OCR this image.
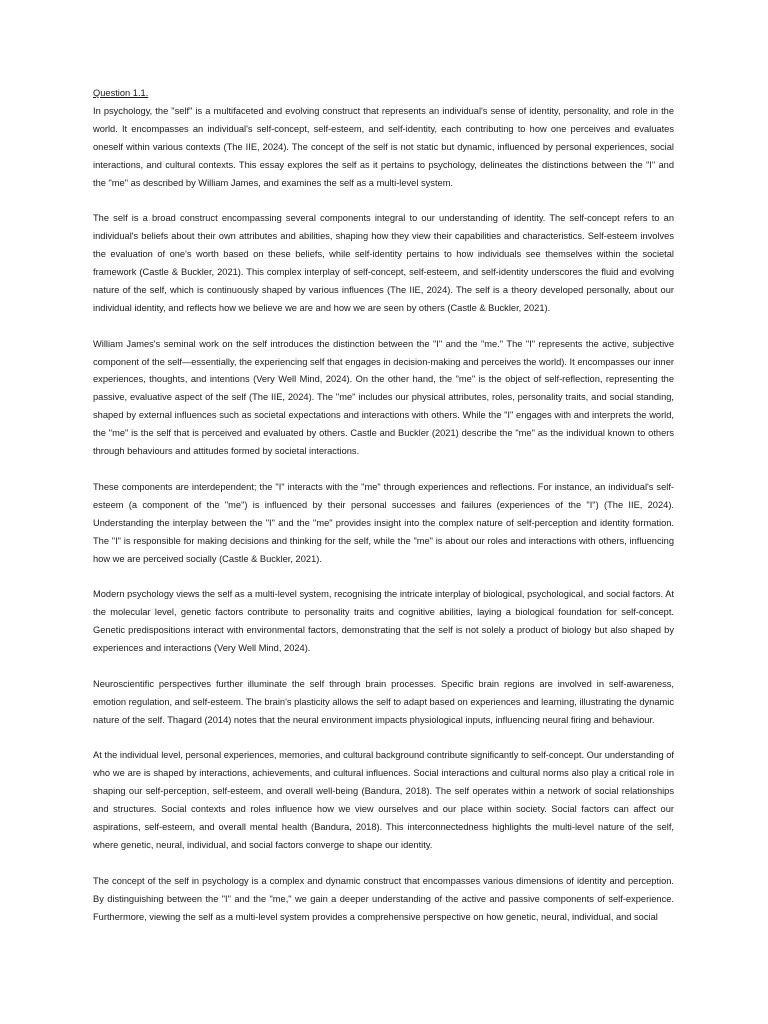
Question 1.1.

In psychology, the "self" is a multifaceted and evolving construct that represents an individual's sense of identity, personality, and role in the world. It encompasses an individual's self-concept, self-esteem, and self-identity, each contributing to how one perceives and evaluates oneself within various contexts (The IIE, 2024). The concept of the self is not static but dynamic, influenced by personal experiences, social interactions, and cultural contexts. This essay explores the self as it pertains to psychology, delineates the distinctions between the "I" and the "me" as described by William James, and examines the self as a multi-level system.

The self is a broad construct encompassing several components integral to our understanding of identity. The self-concept refers to an individual's beliefs about their own attributes and abilities, shaping how they view their capabilities and characteristics. Self-esteem involves the evaluation of one's worth based on these beliefs, while self-identity pertains to how individuals see themselves within the societal framework (Castle & Buckler, 2021). This complex interplay of self-concept, self-esteem, and self-identity underscores the fluid and evolving nature of the self, which is continuously shaped by various influences (The IIE, 2024). The self is a theory developed personally, about our individual identity, and reflects how we believe we are and how we are seen by others (Castle & Buckler, 2021).

William James's seminal work on the self introduces the distinction between the "I" and the "me." The "I" represents the active, subjective component of the self—essentially, the experiencing self that engages in decision-making and perceives the world). It encompasses our inner experiences, thoughts, and intentions (Very Well Mind, 2024). On the other hand, the "me" is the object of self-reflection, representing the passive, evaluative aspect of the self (The IIE, 2024). The "me" includes our physical attributes, roles, personality traits, and social standing, shaped by external influences such as societal expectations and interactions with others. While the "I" engages with and interprets the world, the "me" is the self that is perceived and evaluated by others. Castle and Buckler (2021) describe the "me" as the individual known to others through behaviours and attitudes formed by societal interactions.

These components are interdependent; the "I" interacts with the "me" through experiences and reflections. For instance, an individual's self-esteem (a component of the "me") is influenced by their personal successes and failures (experiences of the "I") (The IIE, 2024). Understanding the interplay between the "I" and the "me" provides insight into the complex nature of self-perception and identity formation. The "I" is responsible for making decisions and thinking for the self, while the "me" is about our roles and interactions with others, influencing how we are perceived socially (Castle & Buckler, 2021).

Modern psychology views the self as a multi-level system, recognising the intricate interplay of biological, psychological, and social factors. At the molecular level, genetic factors contribute to personality traits and cognitive abilities, laying a biological foundation for self-concept. Genetic predispositions interact with environmental factors, demonstrating that the self is not solely a product of biology but also shaped by experiences and interactions (Very Well Mind, 2024).

Neuroscientific perspectives further illuminate the self through brain processes. Specific brain regions are involved in self-awareness, emotion regulation, and self-esteem. The brain's plasticity allows the self to adapt based on experiences and learning, illustrating the dynamic nature of the self. Thagard (2014) notes that the neural environment impacts physiological inputs, influencing neural firing and behaviour.

At the individual level, personal experiences, memories, and cultural background contribute significantly to self-concept. Our understanding of who we are is shaped by interactions, achievements, and cultural influences. Social interactions and cultural norms also play a critical role in shaping our self-perception, self-esteem, and overall well-being (Bandura, 2018). The self operates within a network of social relationships and structures. Social contexts and roles influence how we view ourselves and our place within society. Social factors can affect our aspirations, self-esteem, and overall mental health (Bandura, 2018). This interconnectedness highlights the multi-level nature of the self, where genetic, neural, individual, and social factors converge to shape our identity.

The concept of the self in psychology is a complex and dynamic construct that encompasses various dimensions of identity and perception. By distinguishing between the "I" and the "me," we gain a deeper understanding of the active and passive components of self-experience. Furthermore, viewing the self as a multi-level system provides a comprehensive perspective on how genetic, neural, individual, and social
